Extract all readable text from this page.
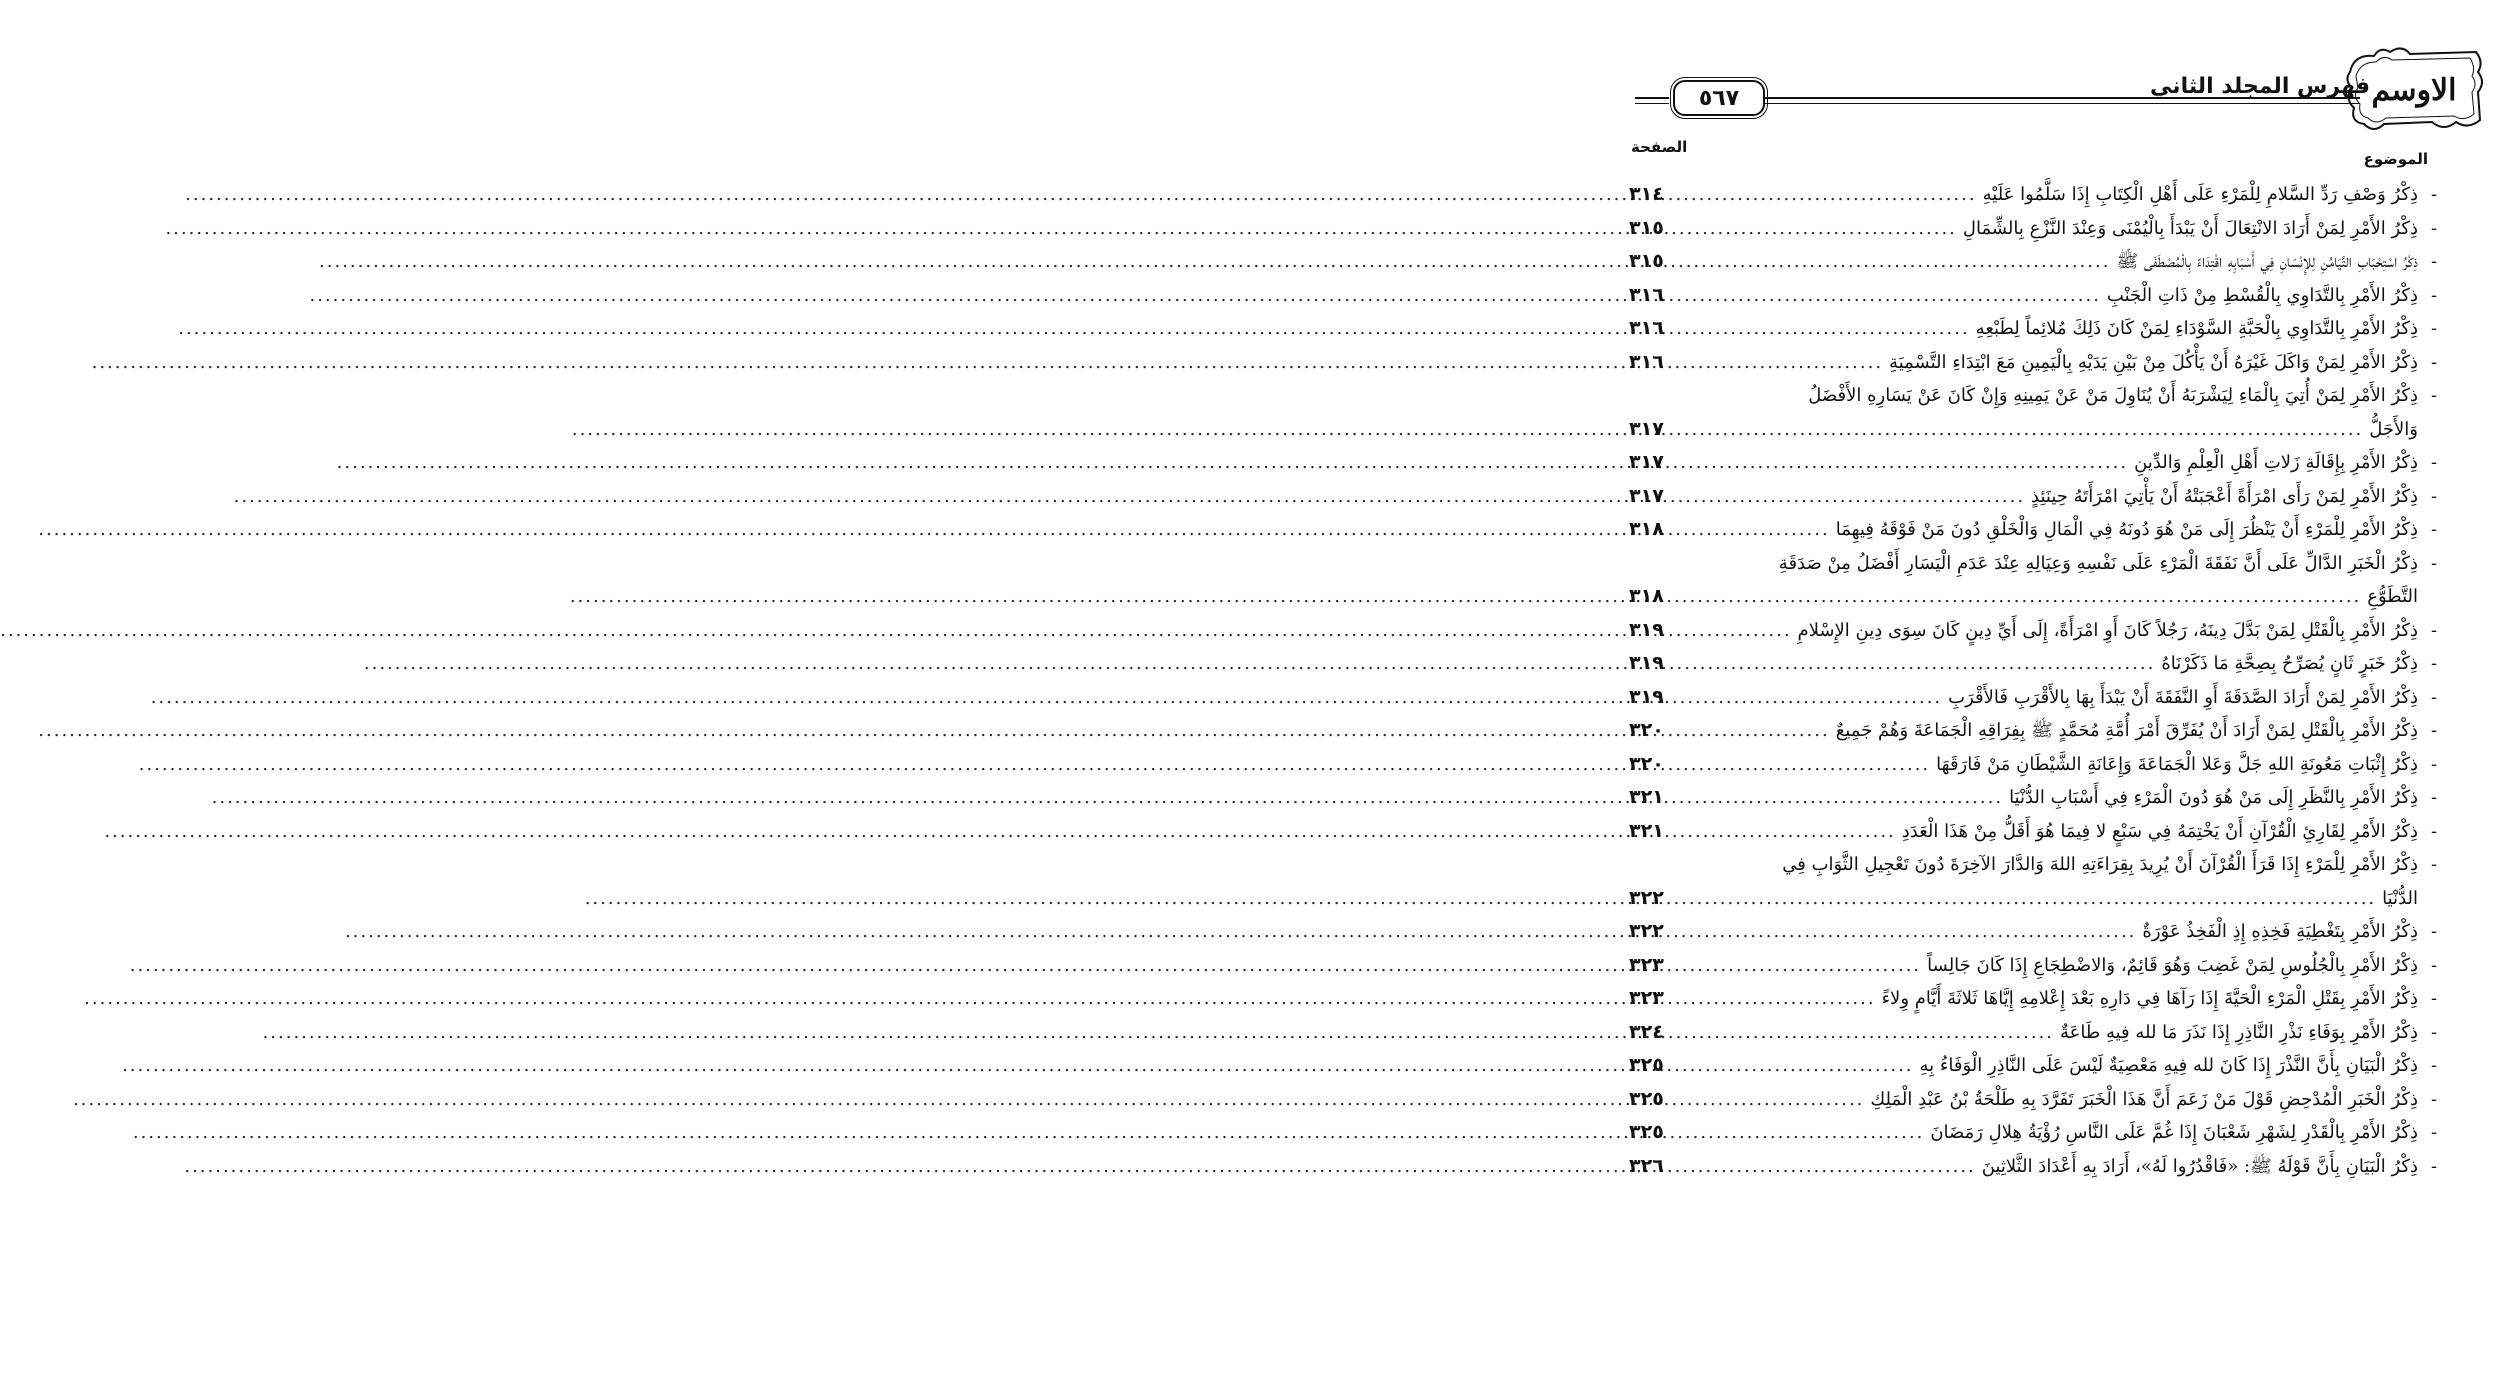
الاوسم
٥٦٧	فهرس المجلد الثاني
الموضوع
الصفحة
-
ذِكْرُ وَصْفِ رَدِّ السَّلامِ لِلْمَرْءِ عَلَى أَهْلِ الْكِتَابِ إِذَا سَلَّمُوا عَلَيْهِ
.....
٣١٤
-
ذِكْرُ الأَمْرِ لِمَنْ أَرَادَ الانْتِعَالَ أَنْ يَبْدَأَ بِالْيُمْنَى وَعِنْدَ النَّزْعِ بِالشِّمَالِ
.....
٣١٥
-
ذِكْرُ اسْتِحْبَابِ التَّيَامُنِ لِلإِنْسَانِ فِي أَسْبَابِهِ اقْتِدَاءً بِالْمُصْطَفَى ﷺ
.....
٣١٥
-
ذِكْرُ الأَمْرِ بِالتَّدَاوِي بِالْقُسْطِ مِنْ ذَاتِ الْجَنْبِ
.....
٣١٦
-
ذِكْرُ الأَمْرِ بِالتَّدَاوِي بِالْحَبَّةِ السَّوْدَاءِ لِمَنْ كَانَ ذَلِكَ مُلائِماً لِطَبْعِهِ
.....
٣١٦
-
ذِكْرُ الأَمْرِ لِمَنْ وَاكَلَ غَيْرَهُ أَنْ يَأْكُلَ مِنْ بَيْنِ يَدَيْهِ بِالْيَمِينِ مَعَ ابْتِدَاءِ التَّسْمِيَةِ
.....
٣١٦
-
ذِكْرُ الأَمْرِ لِمَنْ أُتِيَ بِالْمَاءِ لِيَشْرَبَهُ أَنْ يُنَاوِلَ مَنْ عَنْ يَمِينِهِ وَإِنْ كَانَ عَنْ يَسَارِهِ الأَفْضَلُ
وَالأَجَلُّ
.....
٣١٧
-
ذِكْرُ الأَمْرِ بِإِقَالَةِ زَلاتِ أَهْلِ الْعِلْمِ وَالدِّينِ
.....
٣١٧
-
ذِكْرُ الأَمْرِ لِمَنْ رَأَى امْرَأَةً أَعْجَبَتْهُ أَنْ يَأْتِيَ امْرَأَتَهُ حِينَئِذٍ
.....
٣١٧
-
ذِكْرُ الأَمْرِ لِلْمَرْءِ أَنْ يَنْظُرَ إِلَى مَنْ هُوَ دُونَهُ فِي الْمَالِ وَالْخَلْقِ دُونَ مَنْ فَوْقَهُ فِيهِمَا
.....
٣١٨
-
ذِكْرُ الْخَبَرِ الدَّالِّ عَلَى أَنَّ نَفَقَةَ الْمَرْءِ عَلَى نَفْسِهِ وَعِيَالِهِ عِنْدَ عَدَمِ الْيَسَارِ أَفْضَلُ مِنْ صَدَقَةِ
التَّطَوُّعِ
.....
٣١٨
-
ذِكْرُ الأَمْرِ بِالْقَتْلِ لِمَنْ بَدَّلَ دِينَهُ، رَجُلاً كَانَ أَوِ امْرَأَةً، إِلَى أَيِّ دِينٍ كَانَ سِوَى دِينِ الإِسْلامِ
.....
٣١٩
-
ذِكْرُ خَبَرٍ ثَانٍ يُصَرِّحُ بِصِحَّةِ مَا ذَكَرْنَاهُ
.....
٣١٩
-
ذِكْرُ الأَمْرِ لِمَنْ أَرَادَ الصَّدَقَةَ أَوِ النَّفَقَةَ أَنْ يَبْدَأَ بِهَا بِالأَقْرَبِ فَالأَقْرَبِ
.....
٣١٩
-
ذِكْرُ الأَمْرِ بِالْقَتْلِ لِمَنْ أَرَادَ أَنْ يُفَرِّقَ أَمْرَ أُمَّةِ مُحَمَّدٍ ﷺ بِفِرَاقِهِ الْجَمَاعَةَ وَهُمْ جَمِيعٌ
.....
٣٢٠
-
ذِكْرُ إِثْبَاتِ مَعُونَةِ اللهِ جَلَّ وَعَلا الْجَمَاعَةَ وَإِعَانَةِ الشَّيْطَانِ مَنْ فَارَقَهَا
.....
٣٢٠
-
ذِكْرُ الأَمْرِ بِالنَّظَرِ إِلَى مَنْ هُوَ دُونَ الْمَرْءِ فِي أَسْبَابِ الدُّنْيَا
.....
٣٢١
-
ذِكْرُ الأَمْرِ لِقَارِئِ الْقُرْآنِ أَنْ يَخْتِمَهُ فِي سَبْعٍ لا فِيمَا هُوَ أَقَلُّ مِنْ هَذَا الْعَدَدِ
.....
٣٢١
-
ذِكْرُ الأَمْرِ لِلْمَرْءِ إِذَا قَرَأَ الْقُرْآنَ أَنْ يُرِيدَ بِقِرَاءَتِهِ اللهَ وَالدَّارَ الآخِرَةَ دُونَ تَعْجِيلِ الثَّوَابِ فِي
الدُّنْيَا
.....
٣٢٢
-
ذِكْرُ الأَمْرِ بِتَغْطِيَةِ فَخِذِهِ إِذِ الْفَخِذُ عَوْرَةٌ
.....
٣٢٢
-
ذِكْرُ الأَمْرِ بِالْجُلُوسِ لِمَنْ غَضِبَ وَهُوَ قَائِمٌ، وَالاضْطِجَاعِ إِذَا كَانَ جَالِساً
.....
٣٢٣
-
ذِكْرُ الأَمْرِ بِقَتْلِ الْمَرْءِ الْحَيَّةَ إِذَا رَآهَا فِي دَارِهِ بَعْدَ إِعْلامِهِ إِيَّاهَا ثَلاثَةَ أَيَّامٍ وِلاءً
.....
٣٢٣
-
ذِكْرُ الأَمْرِ بِوَفَاءِ نَذْرِ النَّاذِرِ إِذَا نَذَرَ مَا لله فِيهِ طَاعَةٌ
.....
٣٢٤
-
ذِكْرُ الْبَيَانِ بِأَنَّ النَّذْرَ إِذَا كَانَ لله فِيهِ مَعْصِيَةٌ لَيْسَ عَلَى النَّاذِرِ الْوَفَاءُ بِهِ
.....
٣٢٥
-
ذِكْرُ الْخَبَرِ الْمُدْحِضِ قَوْلَ مَنْ زَعَمَ أَنَّ هَذَا الْخَبَرَ تَفَرَّدَ بِهِ طَلْحَةُ بْنُ عَبْدِ الْمَلِكِ
.....
٣٢٥
-
ذِكْرُ الأَمْرِ بِالْقَدْرِ لِشَهْرِ شَعْبَانَ إِذَا غُمَّ عَلَى النَّاسِ رُؤْيَةُ هِلالِ رَمَضَانَ
.....
٣٢٥
-
ذِكْرُ الْبَيَانِ بِأَنَّ قَوْلَهُ ﷺ: «فَاقْدُرُوا لَهُ»، أَرَادَ بِهِ أَعْدَادَ الثَّلاثِينَ
.....
٣٢٦
